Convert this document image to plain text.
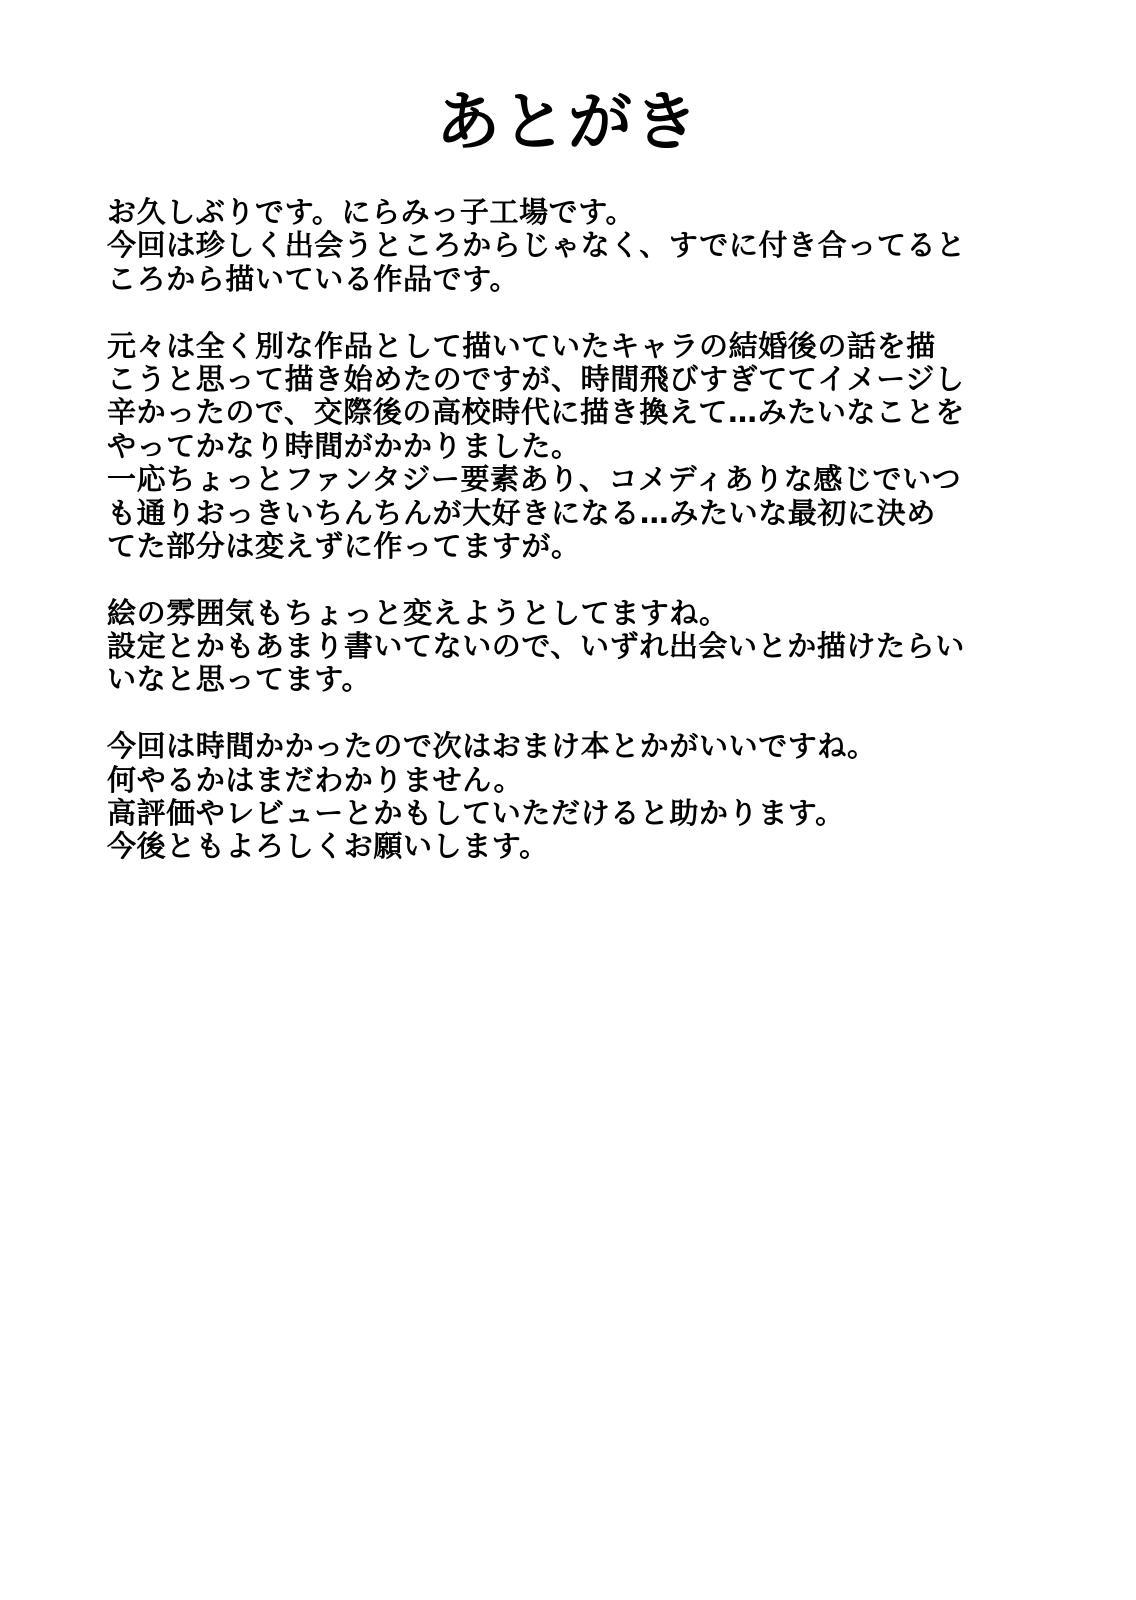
あとがき
お久しぶりです。にらみっ子工場です。
今回は珍しく出会うところからじゃなく、すでに付き合ってると
ころから描いている作品です。
元々は全く別な作品として描いていたキャラの結婚後の話を描
こうと思って描き始めたのですが、時間飛びすぎててイメージし
辛かったので、交際後の高校時代に描き換えて…みたいなことを
やってかなり時間がかかりました。
一応ちょっとファンタジー要素あり、コメディありな感じでいつ
も通りおっきいちんちんが大好きになる…みたいな最初に決め
てた部分は変えずに作ってますが。
絵の雰囲気もちょっと変えようとしてますね。
設定とかもあまり書いてないので、いずれ出会いとか描けたらい
いなと思ってます。
今回は時間かかったので次はおまけ本とかがいいですね。
何やるかはまだわかりません。
高評価やレビューとかもしていただけると助かります。
今後ともよろしくお願いします。
